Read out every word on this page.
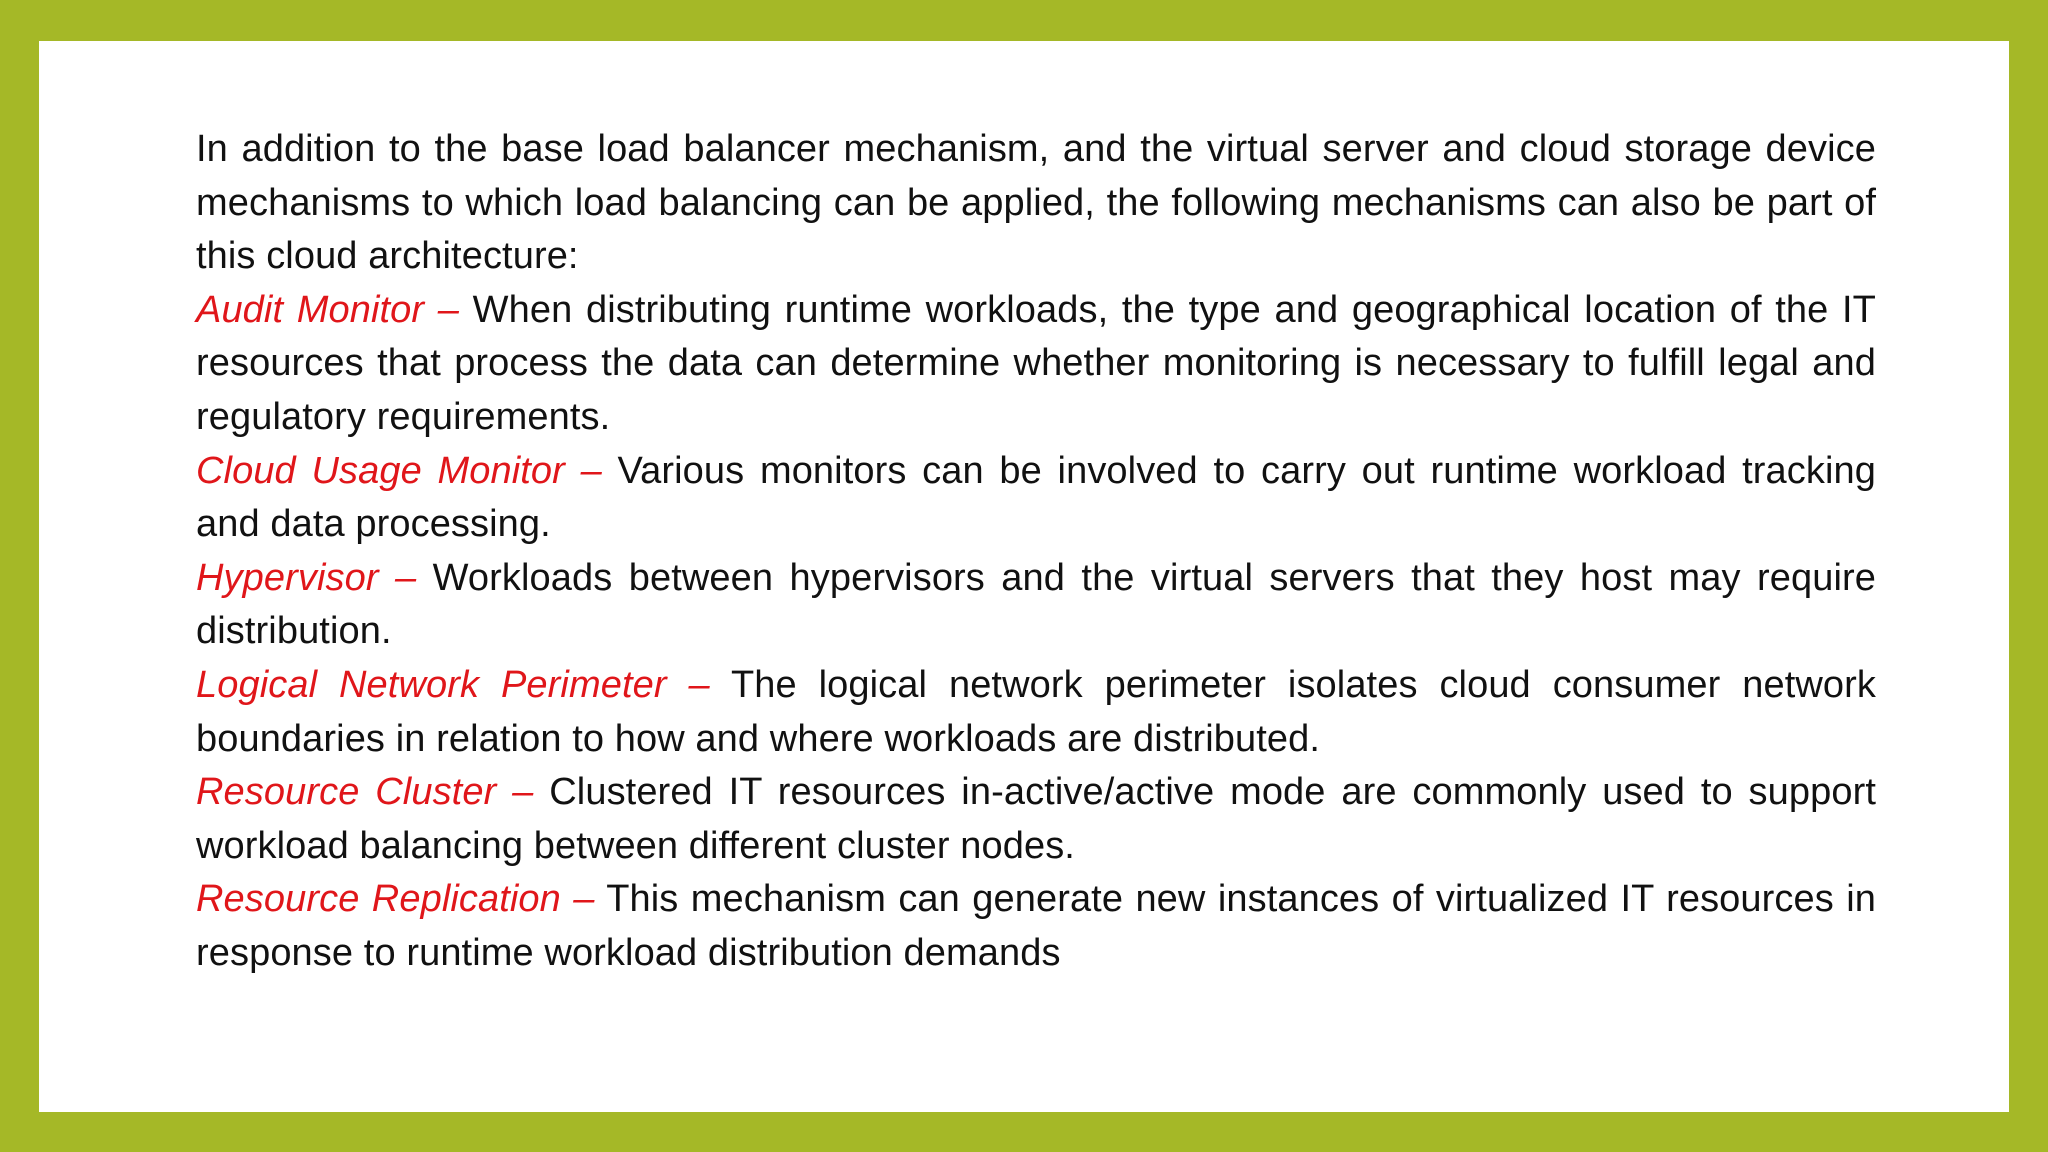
In addition to the base load balancer mechanism, and the virtual server and cloud storage device mechanisms to which load balancing can be applied, the following mechanisms can also be part of this cloud architecture:

Audit Monitor – When distributing runtime workloads, the type and geographical location of the IT resources that process the data can determine whether monitoring is necessary to fulfill legal and regulatory requirements.

Cloud Usage Monitor – Various monitors can be involved to carry out runtime workload tracking and data processing.

Hypervisor – Workloads between hypervisors and the virtual servers that they host may require distribution.

Logical Network Perimeter – The logical network perimeter isolates cloud consumer network boundaries in relation to how and where workloads are distributed.

Resource Cluster – Clustered IT resources in-active/active mode are commonly used to support workload balancing between different cluster nodes.

Resource Replication – This mechanism can generate new instances of virtualized IT resources in response to runtime workload distribution demands
